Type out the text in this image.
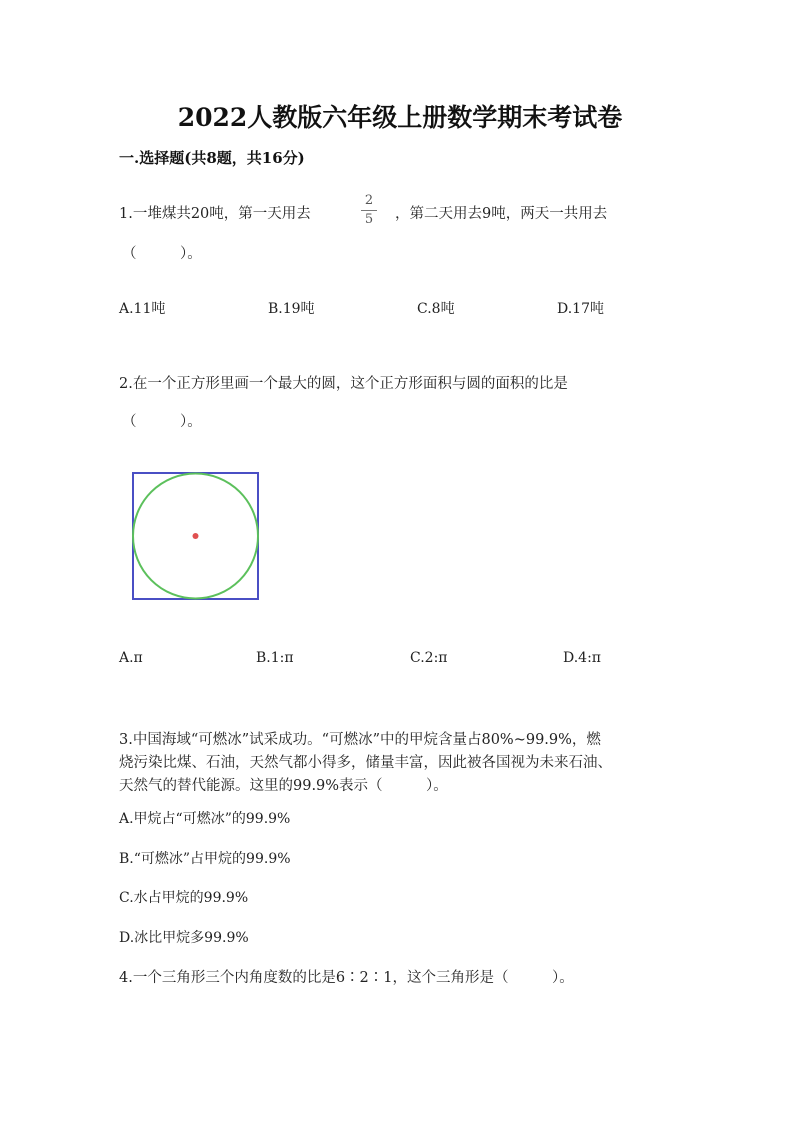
2022人教版六年级上册数学期末考试卷
一.选择题(共8题，共16分)
1.一堆煤共20吨，第一天用去
2
5 ，第二天用去9吨，两天一共用去
（　　　）。
A.11吨	B.19吨	C.8吨	D.17吨
2.在一个正方形里画一个最大的圆，这个正方形面积与圆的面积的比是
（　　　）。
A.π	B.1:π	C.2:π	D.4:π
3.中国海域“可燃冰”试采成功。“可燃冰”中的甲烷含量占80%~99.9%，燃
烧污染比煤、石油，天然气都小得多，储量丰富，因此被各国视为未来石油、
天然气的替代能源。这里的99.9%表示（　　　）。
A.甲烷占“可燃冰”的99.9%
B.“可燃冰”占甲烷的99.9%
C.水占甲烷的99.9%
D.冰比甲烷多99.9%
4.一个三角形三个内角度数的比是6∶2∶1，这个三角形是（　　　）。
